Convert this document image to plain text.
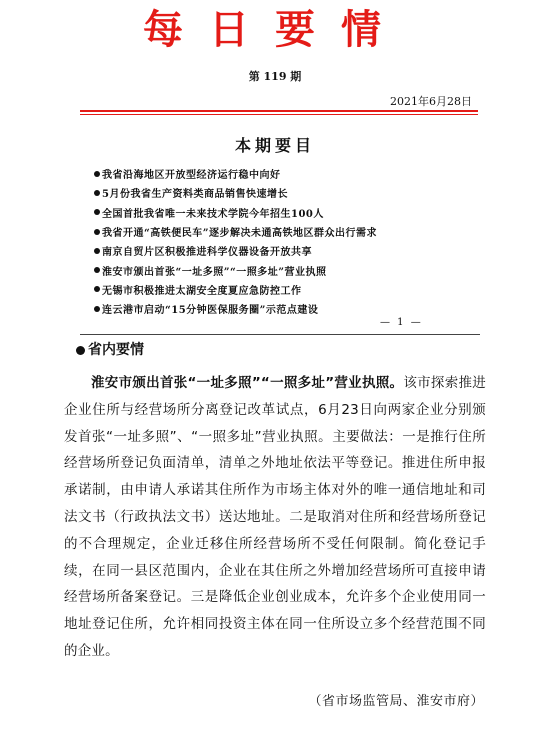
每日要情
第 119 期
2021年6月28日
本期要目
我省沿海地区开放型经济运行稳中向好
5月份我省生产资料类商品销售快速增长
全国首批我省唯一未来技术学院今年招生100人
我省开通“高铁便民车”逐步解决未通高铁地区群众出行需求
南京自贸片区积极推进科学仪器设备开放共享
淮安市颁出首张“一址多照”“一照多址”营业执照
无锡市积极推进太湖安全度夏应急防控工作
连云港市启动“15分钟医保服务圈”示范点建设
— 1 —
省内要情

淮安市颁出首张“一址多照”“一照多址”营业执照。该市探索推进企业住所与经营场所分离登记改革试点，6月23日向两家企业分别颁发首张“一址多照”、“一照多址”营业执照。主要做法：一是推行住所经营场所登记负面清单，清单之外地址依法平等登记。推进住所申报承诺制，由申请人承诺其住所作为市场主体对外的唯一通信地址和司法文书（行政执法文书）送达地址。二是取消对住所和经营场所登记的不合理规定，企业迁移住所经营场所不受任何限制。简化登记手续，在同一县区范围内，企业在其住所之外增加经营场所可直接申请经营场所备案登记。三是降低企业创业成本，允许多个企业使用同一地址登记住所，允许相同投资主体在同一住所设立多个经营范围不同的企业。

（省市场监管局、淮安市府）
